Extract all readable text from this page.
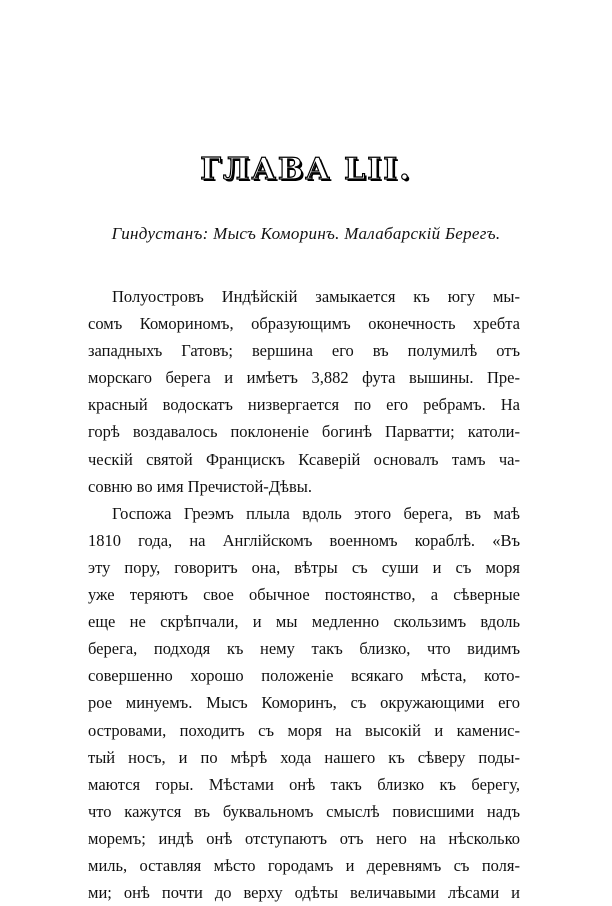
ГЛАВА LII.
Гиндустанъ: Мысъ Коморинъ. Малабарскій Берегъ.
Полуостровъ Индѣйскій замыкается къ югу мы-
сомъ Комориномъ, образующимъ оконечность хребта
западныхъ Гатовъ; вершина его въ полумилѣ отъ
морскаго берега и имѣетъ 3,882 фута вышины. Пре-
красный водоскатъ низвергается по его ребрамъ. На
горѣ воздавалось поклоненіе богинѣ Парватти; католи-
ческій святой Францискъ Ксаверій основалъ тамъ ча-
совню во имя Пречистой-Дѣвы.
Госпожа Греэмъ плыла вдоль этого берега, въ маѣ
1810 года, на Англійскомъ военномъ кораблѣ. «Въ
эту пору, говоритъ она, вѣтры съ суши и съ моря
уже теряютъ свое обычное постоянство, а сѣверные
еще не скрѣпчали, и мы медленно скользимъ вдоль
берега, подходя къ нему такъ близко, что видимъ
совершенно хорошо положеніе всякаго мѣста, кото-
рое минуемъ. Мысъ Коморинъ, съ окружающими его
островами, походитъ съ моря на высокій и каменис-
тый носъ, и по мѣрѣ хода нашего къ сѣверу поды-
маются горы. Мѣстами онѣ такъ близко къ берегу,
что кажутся въ буквальномъ смыслѣ повисшими надъ
моремъ; индѣ онѣ отступаютъ отъ него на нѣсколько
миль, оставляя мѣсто городамъ и деревнямъ съ поля-
ми; онѣ почти до верху одѣты величавыми лѣсами и
